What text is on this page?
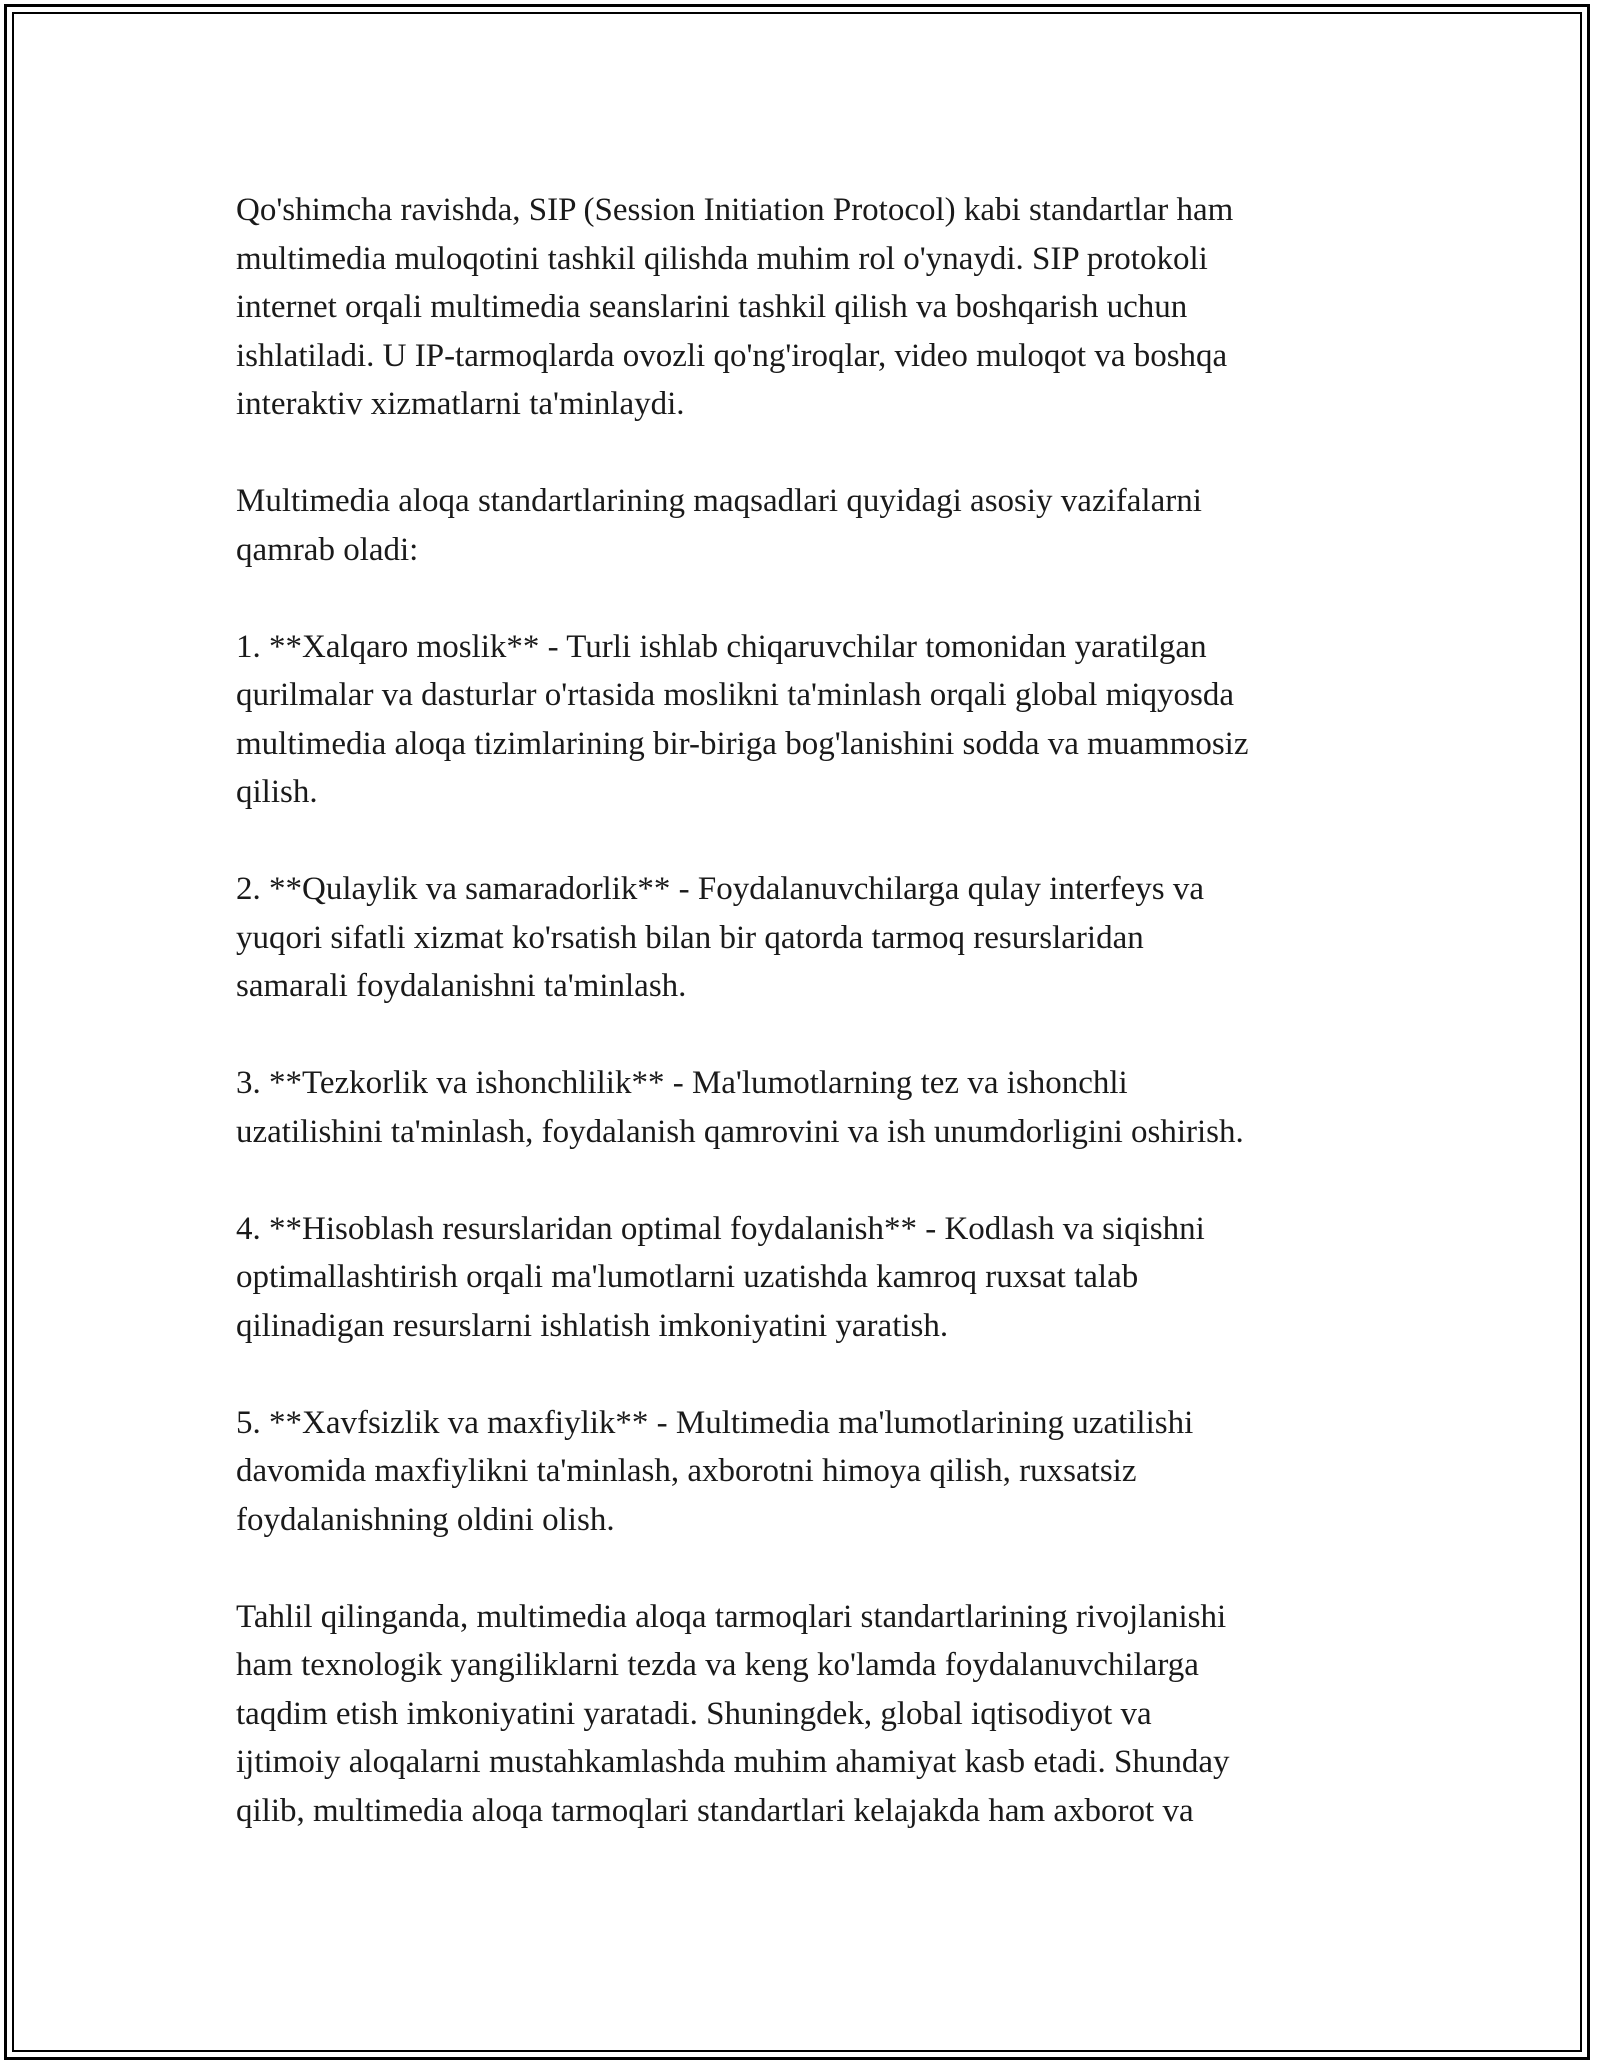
Qo'shimcha ravishda, SIP (Session Initiation Protocol) kabi standartlar ham
multimedia muloqotini tashkil qilishda muhim rol o'ynaydi. SIP protokoli
internet orqali multimedia seanslarini tashkil qilish va boshqarish uchun
ishlatiladi. U IP-tarmoqlarda ovozli qo'ng'iroqlar, video muloqot va boshqa
interaktiv xizmatlarni ta'minlaydi.

Multimedia aloqa standartlarining maqsadlari quyidagi asosiy vazifalarni
qamrab oladi:

1. **Xalqaro moslik** - Turli ishlab chiqaruvchilar tomonidan yaratilgan
qurilmalar va dasturlar o'rtasida moslikni ta'minlash orqali global miqyosda
multimedia aloqa tizimlarining bir-biriga bog'lanishini sodda va muammosiz
qilish.

2. **Qulaylik va samaradorlik** - Foydalanuvchilarga qulay interfeys va
yuqori sifatli xizmat ko'rsatish bilan bir qatorda tarmoq resurslaridan
samarali foydalanishni ta'minlash.

3. **Tezkorlik va ishonchlilik** - Ma'lumotlarning tez va ishonchli
uzatilishini ta'minlash, foydalanish qamrovini va ish unumdorligini oshirish.

4. **Hisoblash resurslaridan optimal foydalanish** - Kodlash va siqishni
optimallashtirish orqali ma'lumotlarni uzatishda kamroq ruxsat talab
qilinadigan resurslarni ishlatish imkoniyatini yaratish.

5. **Xavfsizlik va maxfiylik** - Multimedia ma'lumotlarining uzatilishi
davomida maxfiylikni ta'minlash, axborotni himoya qilish, ruxsatsiz
foydalanishning oldini olish.

Tahlil qilinganda, multimedia aloqa tarmoqlari standartlarining rivojlanishi
ham texnologik yangiliklarni tezda va keng ko'lamda foydalanuvchilarga
taqdim etish imkoniyatini yaratadi. Shuningdek, global iqtisodiyot va
ijtimoiy aloqalarni mustahkamlashda muhim ahamiyat kasb etadi. Shunday
qilib, multimedia aloqa tarmoqlari standartlari kelajakda ham axborot va
